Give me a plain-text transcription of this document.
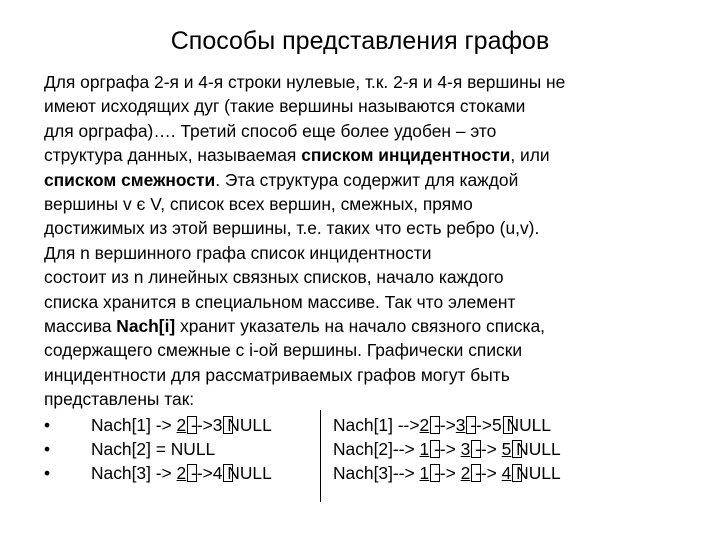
Способы представления графов
Для орграфа 2-я и 4-я строки нулевые, т.к. 2-я и 4-я вершины не
имеют исходящих дуг (такие вершины называются стоками
для орграфа)…. Третий способ еще более удобен – это
структура данных, называемая списком инцидентности, или
списком смежности. Эта структура содержит для каждой
вершины v є V, список всех вершин, смежных, прямо
достижимых из этой вершины, т.е. таких что есть ребро (u,v).
Для n вершинного графа список инцидентности
состоит из n линейных связных списков, начало каждого
списка хранится в специальном массиве. Так что элемент
массива Nach[i] хранит указатель на начало связного списка,
содержащего смежные с i-ой вершины. Графически списки
инцидентности для рассматриваемых графов могут быть
представлены так:
• Nach[1] -> 2 -->3 NULL	Nach[1] -->2 -->3 -->5 NULL
• Nach[2] = NULL	Nach[2]--> 1 --> 3 --> 5 NULL
• Nach[3] -> 2 -->4 NULL	Nach[3]--> 1 --> 2 --> 4 NULL
